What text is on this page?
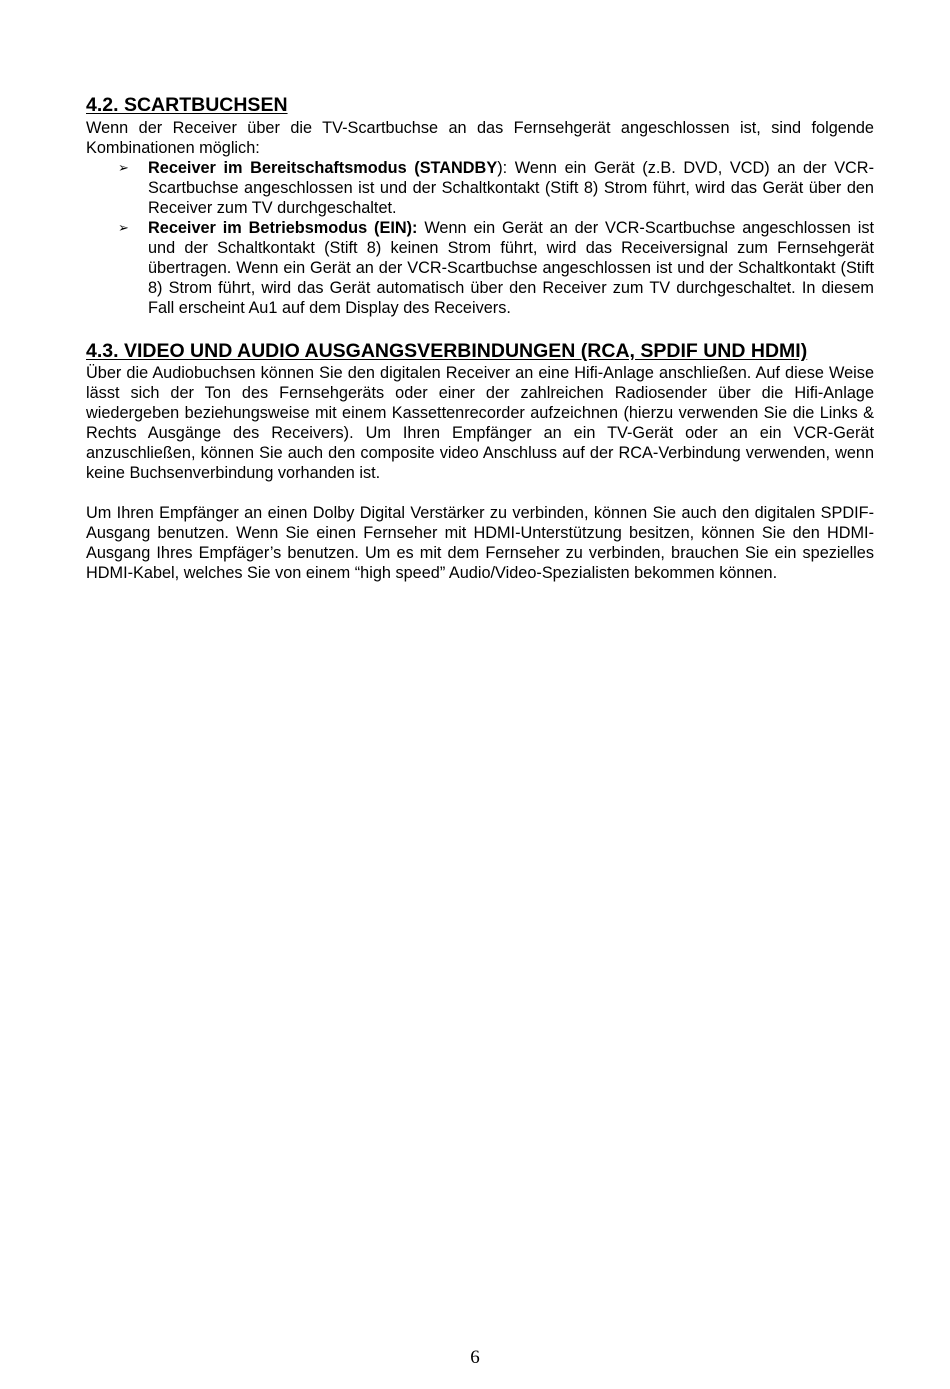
4.2. SCARTBUCHSEN

Wenn der Receiver über die TV-Scartbuchse an das Fernsehgerät angeschlossen ist, sind folgende Kombinationen möglich:

➢ Receiver im Bereitschaftsmodus (STANDBY): Wenn ein Gerät (z.B. DVD, VCD) an der VCR-Scartbuchse angeschlossen ist und der Schaltkontakt (Stift 8) Strom führt, wird das Gerät über den Receiver zum TV durchgeschaltet.
➢ Receiver im Betriebsmodus (EIN): Wenn ein Gerät an der VCR-Scartbuchse angeschlossen ist und der Schaltkontakt (Stift 8) keinen Strom führt, wird das Receiversignal zum Fernsehgerät übertragen. Wenn ein Gerät an der VCR-Scartbuchse angeschlossen ist und der Schaltkontakt (Stift 8) Strom führt, wird das Gerät automatisch über den Receiver zum TV durchgeschaltet. In diesem Fall erscheint Au1 auf dem Display des Receivers.
4.3. VIDEO UND AUDIO AUSGANGSVERBINDUNGEN (RCA, SPDIF UND HDMI)

Über die Audiobuchsen können Sie den digitalen Receiver an eine Hifi-Anlage anschließen. Auf diese Weise lässt sich der Ton des Fernsehgeräts oder einer der zahlreichen Radiosender über die Hifi-Anlage wiedergeben beziehungsweise mit einem Kassettenrecorder aufzeichnen (hierzu verwenden Sie die Links & Rechts Ausgänge des Receivers). Um Ihren Empfänger an ein TV-Gerät oder an ein VCR-Gerät anzuschließen, können Sie auch den composite video Anschluss auf der RCA-Verbindung verwenden, wenn keine Buchsenverbindung vorhanden ist.

Um Ihren Empfänger an einen Dolby Digital Verstärker zu verbinden, können Sie auch den digitalen SPDIF-Ausgang benutzen. Wenn Sie einen Fernseher mit HDMI-Unterstützung besitzen, können Sie den HDMI-Ausgang Ihres Empfäger’s benutzen. Um es mit dem Fernseher zu verbinden, brauchen Sie ein spezielles HDMI-Kabel, welches Sie von einem “high speed” Audio/Video-Spezialisten bekommen können.

6
